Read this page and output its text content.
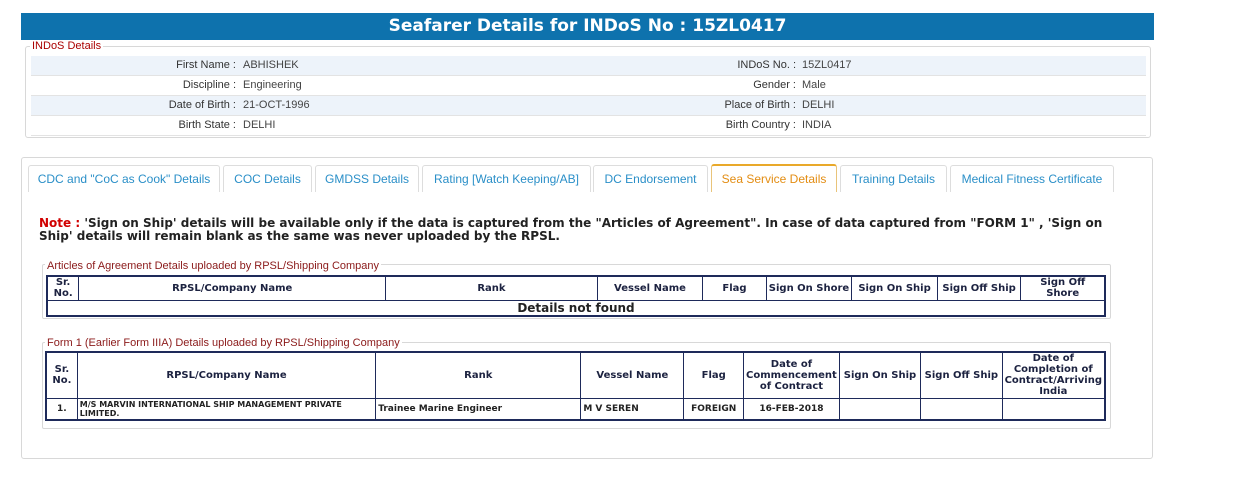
Seafarer Details for INDoS No : 15ZL0417
First Name : ABHISHEK	INDoS No. : 15ZL0417
Discipline : Engineering	Gender : Male
Date of Birth : 21-OCT-1996	Place of Birth : DELHI
Birth State : DELHI	Birth Country : INDIA
INDoS Details
CDC and "CoC as Cook" Details	COC Details	GMDSS Details	Rating [Watch Keeping/AB]	DC Endorsement	Sea Service Details	Training Details	Medical Fitness Certificate
Note : 'Sign on Ship' details will be available only if the data is captured from the "Articles of Agreement". In case of data captured from "FORM 1" , 'Sign on Ship' details will remain blank as the same was never uploaded by the RPSL.
Articles of Agreement Details uploaded by RPSL/Shipping Company
Sr. No.	RPSL/Company Name	Rank	Vessel Name	Flag	Sign On Shore	Sign On Ship	Sign Off Ship	Sign Off Shore
Details not found
Form 1 (Earlier Form IIIA) Details uploaded by RPSL/Shipping Company
Sr. No.	RPSL/Company Name	Rank	Vessel Name	Flag	Date of Commencement of Contract	Sign On Ship	Sign Off Ship	Date of Completion of Contract/Arriving India
1.	M/S MARVIN INTERNATIONAL SHIP MANAGEMENT PRIVATE LIMITED.	Trainee Marine Engineer	M V SEREN	FOREIGN	16-FEB-2018			
